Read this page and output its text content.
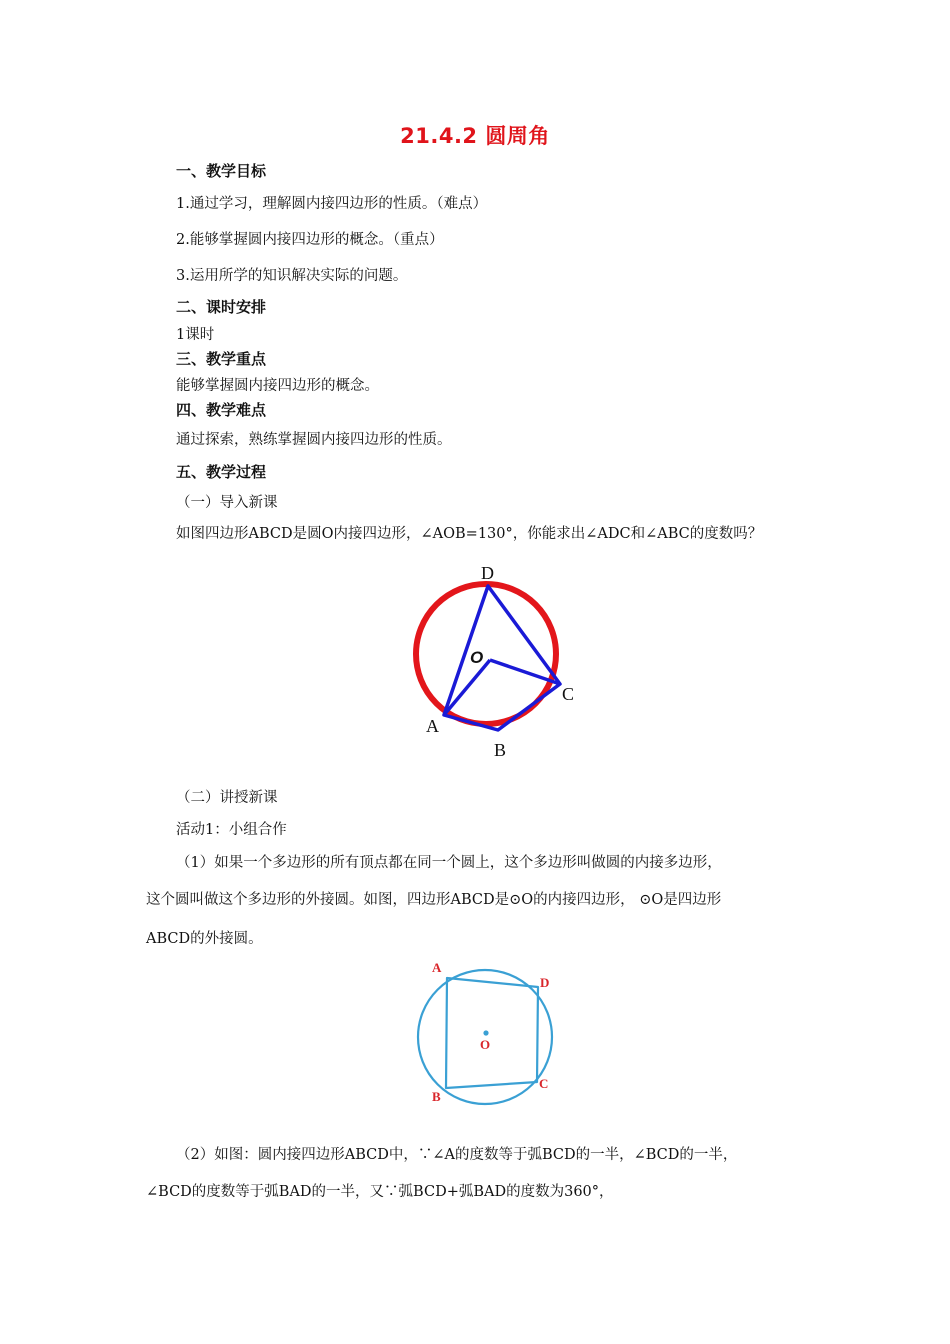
21.4.2 圆周角
一、教学目标
1.通过学习，理解圆内接四边形的性质。（难点）
2.能够掌握圆内接四边形的概念。（重点）
3.运用所学的知识解决实际的问题。
二、课时安排
1课时
三、教学重点
能够掌握圆内接四边形的概念。
四、教学难点
通过探索，熟练掌握圆内接四边形的性质。
五、教学过程
（一）导入新课
如图四边形ABCD是圆O内接四边形，∠AOB=130°，你能求出∠ADC和∠ABC的度数吗？
D
O
C
A
B
（二）讲授新课
活动1：小组合作
（1）如果一个多边形的所有顶点都在同一个圆上，这个多边形叫做圆的内接多边形，
这个圆叫做这个多边形的外接圆。如图，四边形ABCD是⊙O的内接四边形， ⊙O是四边形
ABCD的外接圆。
A
D
O
C
B
（2）如图：圆内接四边形ABCD中，∵∠A的度数等于弧BCD的一半，∠BCD的一半，
∠BCD的度数等于弧BAD的一半，又∵弧BCD+弧BAD的度数为360°，
